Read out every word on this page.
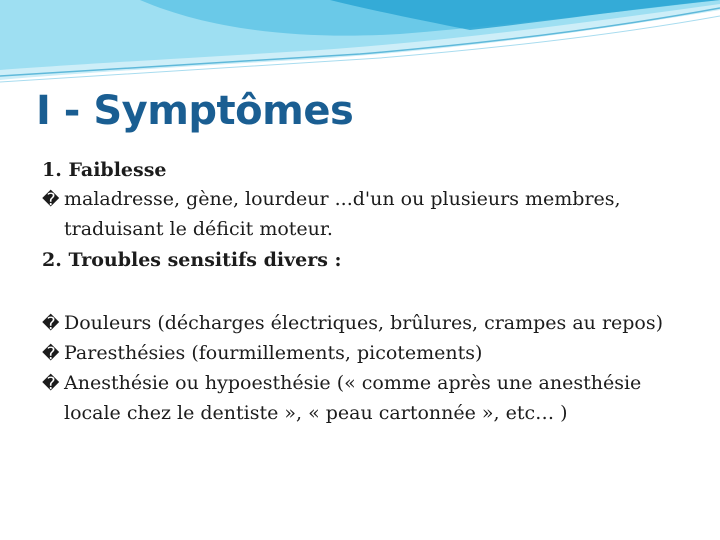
I - Symptômes

1. Faiblesse

� maladresse, gène, lourdeur ...d'un ou plusieurs membres, traduisant le déficit moteur.

2. Troubles sensitifs divers :

� Douleurs (décharges électriques, brûlures, crampes au repos)

� Paresthésies (fourmillements, picotements)

� Anesthésie ou hypoesthésie (« comme après une anesthésie locale chez le dentiste », « peau cartonnée », etc… )
